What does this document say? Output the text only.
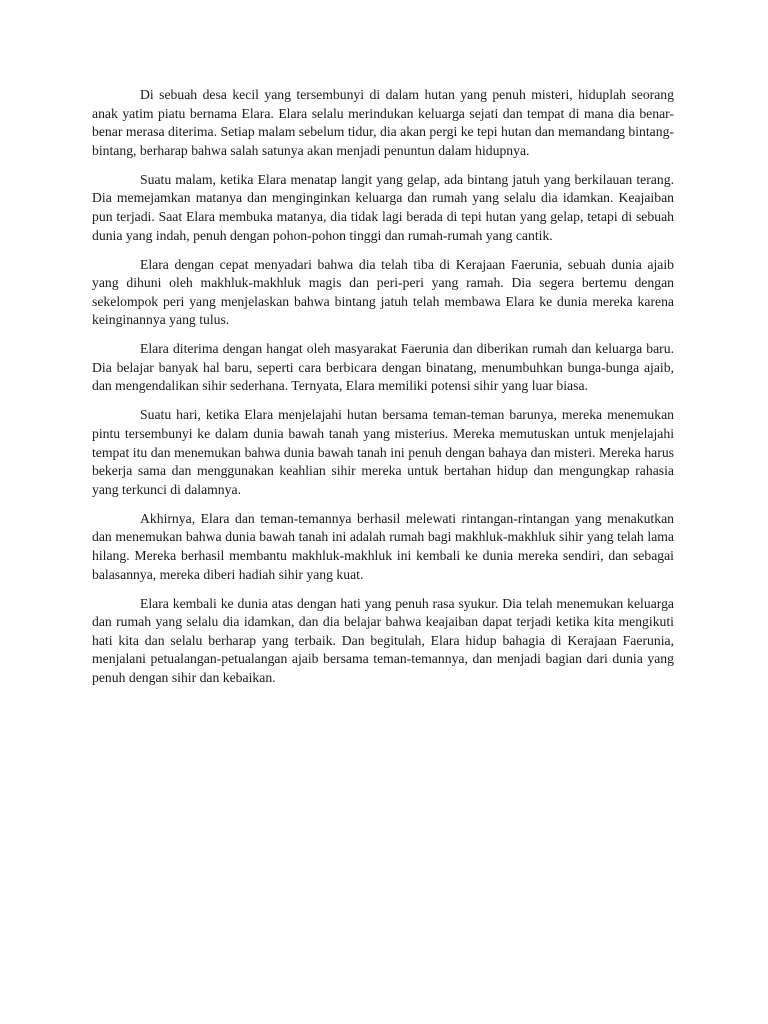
Di sebuah desa kecil yang tersembunyi di dalam hutan yang penuh misteri, hiduplah seorang anak yatim piatu bernama Elara. Elara selalu merindukan keluarga sejati dan tempat di mana dia benar-benar merasa diterima. Setiap malam sebelum tidur, dia akan pergi ke tepi hutan dan memandang bintang-bintang, berharap bahwa salah satunya akan menjadi penuntun dalam hidupnya.

Suatu malam, ketika Elara menatap langit yang gelap, ada bintang jatuh yang berkilauan terang. Dia memejamkan matanya dan menginginkan keluarga dan rumah yang selalu dia idamkan. Keajaiban pun terjadi. Saat Elara membuka matanya, dia tidak lagi berada di tepi hutan yang gelap, tetapi di sebuah dunia yang indah, penuh dengan pohon-pohon tinggi dan rumah-rumah yang cantik.

Elara dengan cepat menyadari bahwa dia telah tiba di Kerajaan Faerunia, sebuah dunia ajaib yang dihuni oleh makhluk-makhluk magis dan peri-peri yang ramah. Dia segera bertemu dengan sekelompok peri yang menjelaskan bahwa bintang jatuh telah membawa Elara ke dunia mereka karena keinginannya yang tulus.

Elara diterima dengan hangat oleh masyarakat Faerunia dan diberikan rumah dan keluarga baru. Dia belajar banyak hal baru, seperti cara berbicara dengan binatang, menumbuhkan bunga-bunga ajaib, dan mengendalikan sihir sederhana. Ternyata, Elara memiliki potensi sihir yang luar biasa.

Suatu hari, ketika Elara menjelajahi hutan bersama teman-teman barunya, mereka menemukan pintu tersembunyi ke dalam dunia bawah tanah yang misterius. Mereka memutuskan untuk menjelajahi tempat itu dan menemukan bahwa dunia bawah tanah ini penuh dengan bahaya dan misteri. Mereka harus bekerja sama dan menggunakan keahlian sihir mereka untuk bertahan hidup dan mengungkap rahasia yang terkunci di dalamnya.

Akhirnya, Elara dan teman-temannya berhasil melewati rintangan-rintangan yang menakutkan dan menemukan bahwa dunia bawah tanah ini adalah rumah bagi makhluk-makhluk sihir yang telah lama hilang. Mereka berhasil membantu makhluk-makhluk ini kembali ke dunia mereka sendiri, dan sebagai balasannya, mereka diberi hadiah sihir yang kuat.

Elara kembali ke dunia atas dengan hati yang penuh rasa syukur. Dia telah menemukan keluarga dan rumah yang selalu dia idamkan, dan dia belajar bahwa keajaiban dapat terjadi ketika kita mengikuti hati kita dan selalu berharap yang terbaik. Dan begitulah, Elara hidup bahagia di Kerajaan Faerunia, menjalani petualangan-petualangan ajaib bersama teman-temannya, dan menjadi bagian dari dunia yang penuh dengan sihir dan kebaikan.
